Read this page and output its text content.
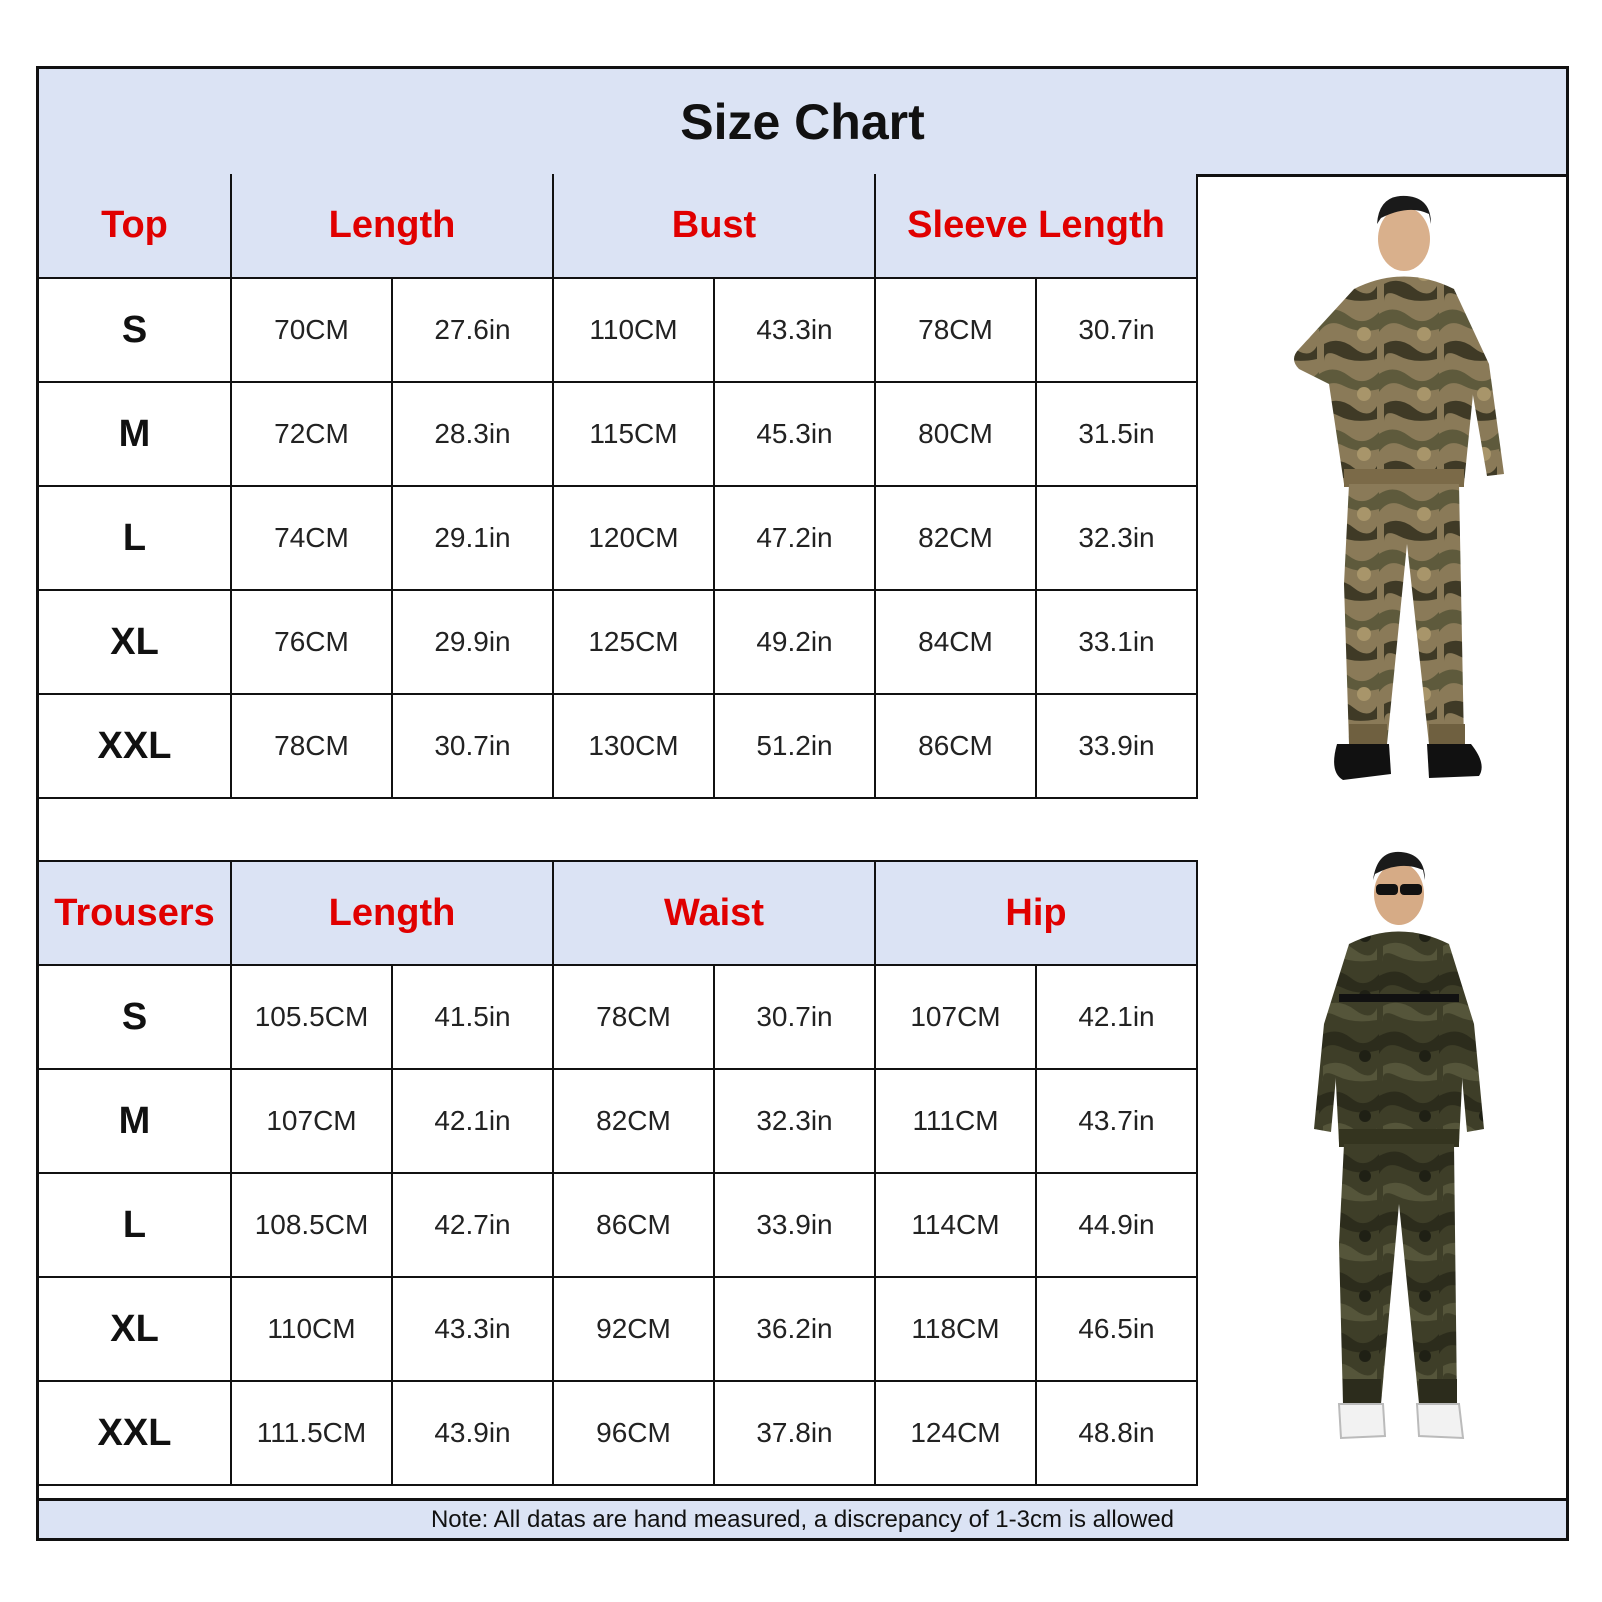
Size Chart
Top	Length		Bust		Sleeve Length	
S	70CM	27.6in	110CM	43.3in	78CM	30.7in
M	72CM	28.3in	115CM	45.3in	80CM	31.5in
L	74CM	29.1in	120CM	47.2in	82CM	32.3in
XL	76CM	29.9in	125CM	49.2in	84CM	33.1in
XXL	78CM	30.7in	130CM	51.2in	86CM	33.9in
Trousers	Length		Waist		Hip	
S	105.5CM	41.5in	78CM	30.7in	107CM	42.1in
M	107CM	42.1in	82CM	32.3in	111CM	43.7in
L	108.5CM	42.7in	86CM	33.9in	114CM	44.9in
XL	110CM	43.3in	92CM	36.2in	118CM	46.5in
XXL	111.5CM	43.9in	96CM	37.8in	124CM	48.8in
Note: All datas are hand measured, a discrepancy of 1-3cm is allowed
